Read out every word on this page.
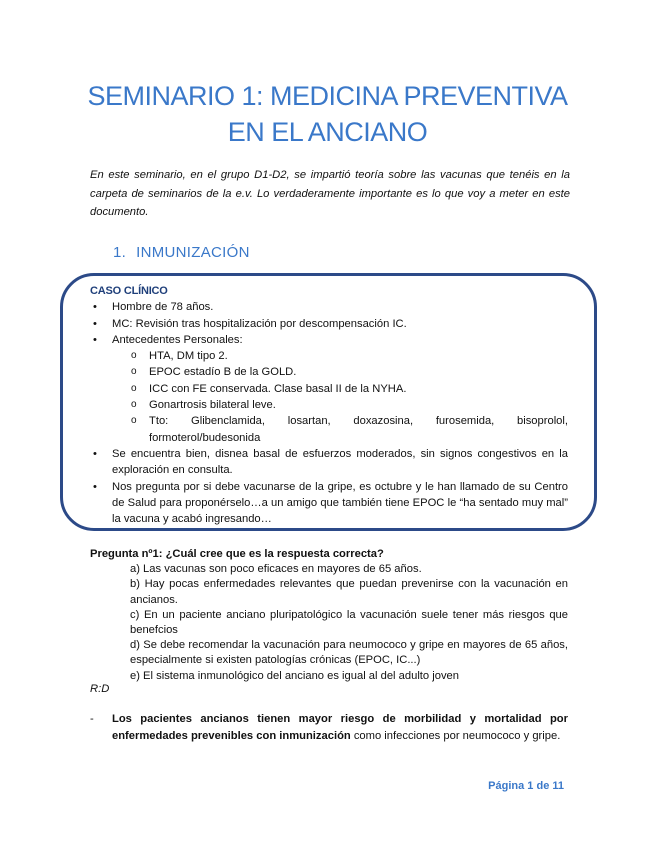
SEMINARIO 1: MEDICINA PREVENTIVA
EN EL ANCIANO
En este seminario, en el grupo D1-D2, se impartió teoría sobre las vacunas que tenéis en la carpeta de seminarios de la e.v. Lo verdaderamente importante es lo que voy a meter en este documento.
1. INMUNIZACIÓN
CASO CLÍNICO
• Hombre de 78 años.
• MC: Revisión tras hospitalización por descompensación IC.
• Antecedentes Personales:
o HTA, DM tipo 2.
o EPOC estadío B de la GOLD.
o ICC con FE conservada. Clase basal II de la NYHA.
o Gonartrosis bilateral leve.
o Tto: Glibenclamida, losartan, doxazosina, furosemida, bisoprolol,
formoterol/budesonida
• Se encuentra bien, disnea basal de esfuerzos moderados, sin signos congestivos en la exploración en consulta.
• Nos pregunta por si debe vacunarse de la gripe, es octubre y le han llamado de su Centro de Salud para proponérselo…a un amigo que también tiene EPOC le “ha sentado muy mal” la vacuna y acabó ingresando…
Pregunta nº1: ¿Cuál cree que es la respuesta correcta?
a) Las vacunas son poco eficaces en mayores de 65 años.
b) Hay pocas enfermedades relevantes que puedan prevenirse con la vacunación en ancianos.
c) En un paciente anciano pluripatológico la vacunación suele tener más riesgos que benefcios
d) Se debe recomendar la vacunación para neumococo y gripe en mayores de 65 años, especialmente si existen patologías crónicas (EPOC, IC...)
e) El sistema inmunológico del anciano es igual al del adulto joven
R:D
- Los pacientes ancianos tienen mayor riesgo de morbilidad y mortalidad por enfermedades prevenibles con inmunización como infecciones por neumococo y gripe.
Página 1 de 11
